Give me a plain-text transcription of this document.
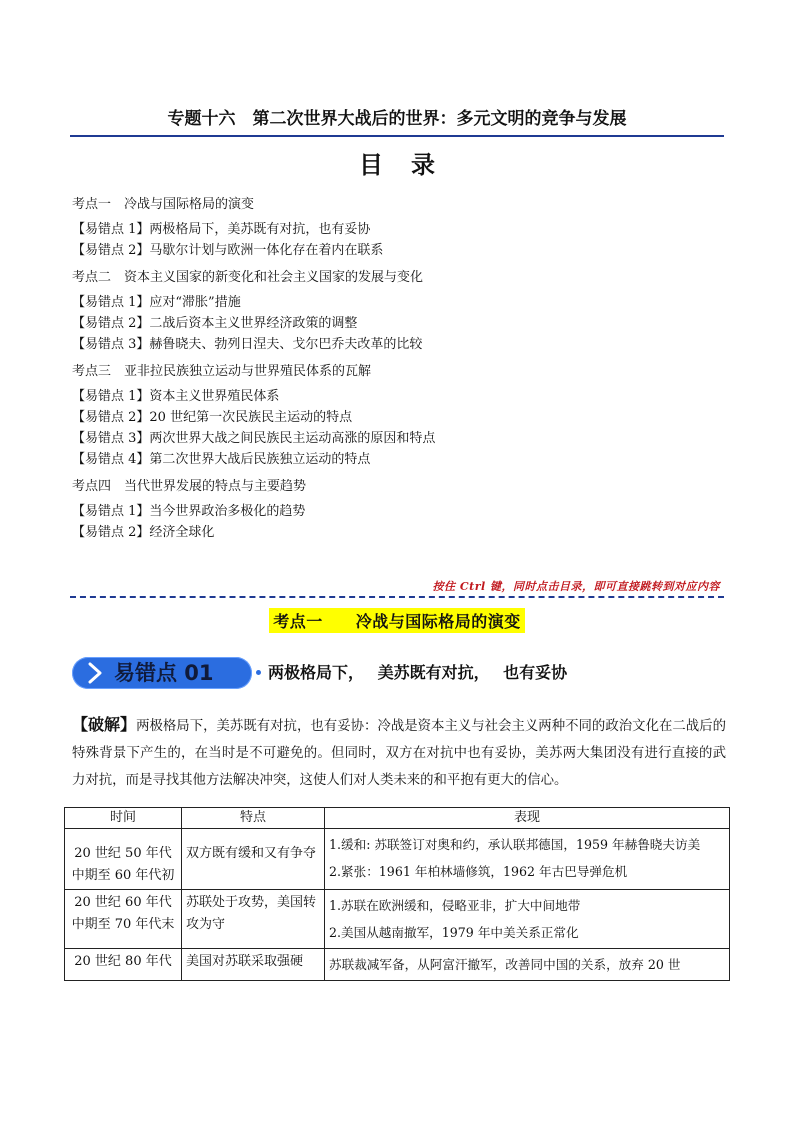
专题十六　第二次世界大战后的世界：多元文明的竞争与发展
目录
考点一　冷战与国际格局的演变
【易错点 1】两极格局下，美苏既有对抗，也有妥协
【易错点 2】马歇尔计划与欧洲一体化存在着内在联系
考点二　资本主义国家的新变化和社会主义国家的发展与变化
【易错点 1】应对“滞胀”措施
【易错点 2】二战后资本主义世界经济政策的调整
【易错点 3】赫鲁晓夫、勃列日涅夫、戈尔巴乔夫改革的比较
考点三　亚非拉民族独立运动与世界殖民体系的瓦解
【易错点 1】资本主义世界殖民体系
【易错点 2】20 世纪第一次民族民主运动的特点
【易错点 3】两次世界大战之间民族民主运动高涨的原因和特点
【易错点 4】第二次世界大战后民族独立运动的特点
考点四　当代世界发展的特点与主要趋势
【易错点 1】当今世界政治多极化的趋势
【易错点 2】经济全球化
按住 Ctrl 键，同时点击目录，即可直接跳转到对应内容
考点一　　冷战与国际格局的演变
易错点 01	两极格局下， 美苏既有对抗， 也有妥协
【破解】两极格局下，美苏既有对抗，也有妥协：冷战是资本主义与社会主义两种不同的政治文化在二战后的特殊背景下产生的，在当时是不可避免的。但同时，双方在对抗中也有妥协，美苏两大集团没有进行直接的武力对抗，而是寻找其他方法解决冲突，这使人们对人类未来的和平抱有更大的信心。
时间	特点	表现
20 世纪 50 年代中期至 60 年代初	双方既有缓和又有争夺	1.缓和: 苏联签订对奥和约，承认联邦德国，1959 年赫鲁晓夫访美
2.紧张：1961 年柏林墙修筑，1962 年古巴导弹危机

20 世纪 60 年代中期至 70 年代末	苏联处于攻势，美国转攻为守	1.苏联在欧洲缓和，侵略亚非，扩大中间地带
2.美国从越南撤军，1979 年中美关系正常化

20 世纪 80 年代	美国对苏联采取强硬	苏联裁减军备，从阿富汗撤军，改善同中国的关系，放弃 20 世
